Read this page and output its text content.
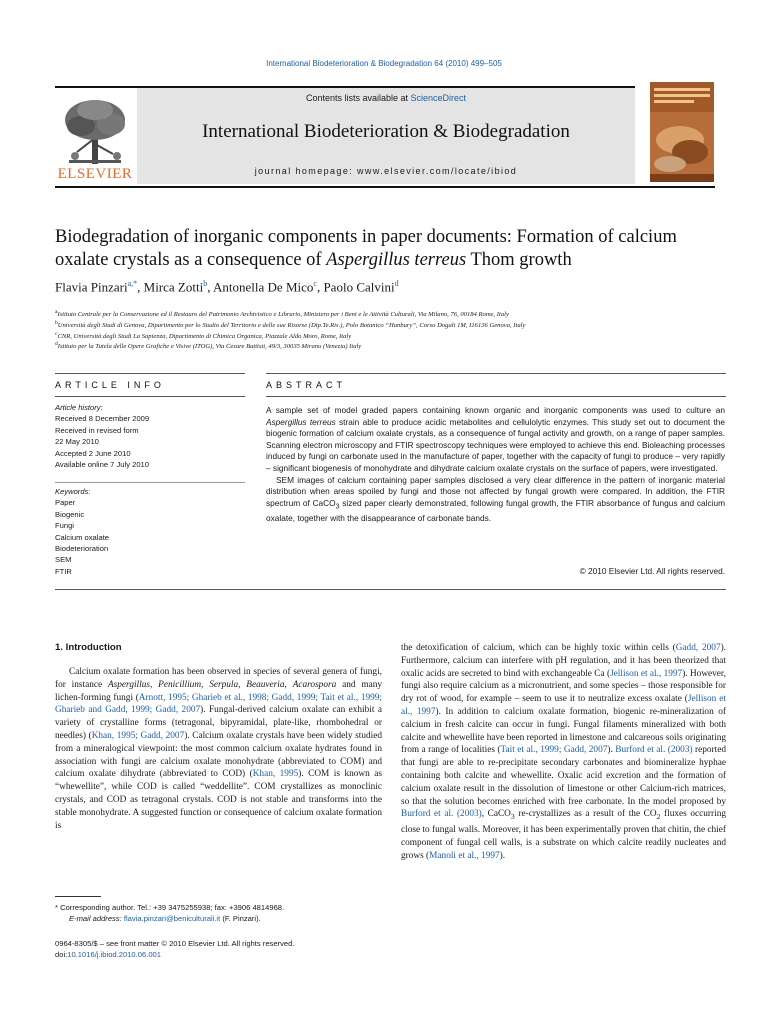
International Biodeterioration & Biodegradation 64 (2010) 499–505
Contents lists available at ScienceDirect
International Biodeterioration & Biodegradation
journal homepage: www.elsevier.com/locate/ibiod
ELSEVIER
Biodegradation of inorganic components in paper documents: Formation of calcium oxalate crystals as a consequence of Aspergillus terreus Thom growth
Flavia Pinzari$^{a,*}$, Mirca Zotti$^b$, Antonella De Mico$^c$, Paolo Calvini$^d$
$^a$Istituto Centrale per la Conservazione ed il Restauro del Patrimonio Archivistico e Librario, Ministero per i Beni e le Attività Culturali, Via Milano, 76, 00184 Rome, Italy
$^b$Università degli Studi di Genova, Dipartimento per lo Studio del Territorio e delle sue Risorse (Dip.Te.Ris.), Polo Botanico “Hanbury”, Corso Dogali 1M, I16136 Genova, Italy
$^c$CNR, Università degli Studi La Sapienza, Dipartimento di Chimica Organica, Piazzale Aldo Moro, Rome, Italy
$^d$Istituto per la Tutela delle Opere Grafiche e Visive (ITOG), Via Cesare Battisti, 49/3, 30035 Mirano (Venezia) Italy
ARTICLE INFO
Article history:
Received 8 December 2009
Received in revised form
22 May 2010
Accepted 2 June 2010
Available online 7 July 2010
Keywords:
Paper
Biogenic
Fungi
Calcium oxalate
Biodeterioration
SEM
FTIR
ABSTRACT

A sample set of model graded papers containing known organic and inorganic components was used to culture an Aspergillus terreus strain able to produce acidic metabolites and cellulolytic enzymes. This study set out to document the biogenic formation of calcium oxalate crystals, as a consequence of fungal activity and growth, on a range of paper samples. Scanning electron microscopy and FTIR spectroscopy techniques were employed to achieve this end. Bioleaching processes induced by fungi on carbonate used in the manufacture of paper, together with the capacity of fungi to produce – very rapidly – significant biogenesis of monohydrate and dihydrate calcium oxalate crystals on the surface of papers, were investigated.

SEM images of calcium containing paper samples disclosed a very clear difference in the pattern of inorganic material distribution when areas spoiled by fungi and those not affected by fungal growth were compared. In addition, the FTIR spectrum of CaCO$_3$ sized paper clearly demonstrated, following fungal growth, the FTIR absorbance of fungus and calcium oxalate, together with the disappearance of carbonate bands.

© 2010 Elsevier Ltd. All rights reserved.
1. Introduction

Calcium oxalate formation has been observed in species of several genera of fungi, for instance Aspergillus, Penicillium, Serpula, Beauveria, Acarospora and many lichen-forming fungi (Arnott, 1995; Gharieb et al., 1998; Gadd, 1999; Tait et al., 1999; Gharieb and Gadd, 1999; Gadd, 2007). Fungal-derived calcium oxalate can exhibit a variety of crystalline forms (tetragonal, bipyramidal, plate-like, rhombohedral or needles) (Khan, 1995; Gadd, 2007). Calcium oxalate crystals have been widely studied from a mineralogical viewpoint: the most common calcium oxalate hydrates found in association with fungi are calcium oxalate monohydrate (abbreviated to COM) and calcium oxalate dihydrate (abbreviated to COD) (Khan, 1995). COM is known as “whewellite”, while COD is called “weddellite”. COM crystallizes as monoclinic crystals, and COD as tetragonal crystals. COD is not stable and transforms into the stable monohydrate. A suggested function or consequence of calcium oxalate formation is

the detoxification of calcium, which can be highly toxic within cells (Gadd, 2007). Furthermore, calcium can interfere with pH regulation, and it has been theorized that oxalic acids are secreted to bind with exchangeable Ca (Jellison et al., 1997). However, fungi also require calcium as a micronutrient, and some species – those responsible for dry rot of wood, for example – seem to use it to neutralize excess oxalate (Jellison et al., 1997). In addition to calcium oxalate formation, biogenic re-mineralization of calcium in fresh calcite can occur in fungi. Fungal filaments mineralized with both calcite and whewellite have been reported in limestone and calcareous soils originating from a range of localities (Tait et al., 1999; Gadd, 2007). Burford et al. (2003) reported that fungi are able to re-precipitate secondary carbonates and biomineralize hyphae containing both calcite and whewellite. Oxalic acid excretion and the formation of calcium oxalate result in the dissolution of limestone or other Calcium-rich matrices, so that the solution becomes enriched with free carbonate. In the model proposed by Burford et al. (2003), CaCO$_3$ re-crystallizes as a result of the $CO_2$ fluxes occurring close to fungal walls. Moreover, it has been experimentally proven that chitin, the chief component of fungal cell walls, is a substrate on which calcite readily nucleates and grows (Manoli et al., 1997).

* Corresponding author. Tel.: +39 3475255938; fax: +3906 4814968.
E-mail address: flavia.pinzari@beniculturali.it (F. Pinzari).
0964-8305/$ – see front matter © 2010 Elsevier Ltd. All rights reserved.
doi:10.1016/j.ibiod.2010.06.001
